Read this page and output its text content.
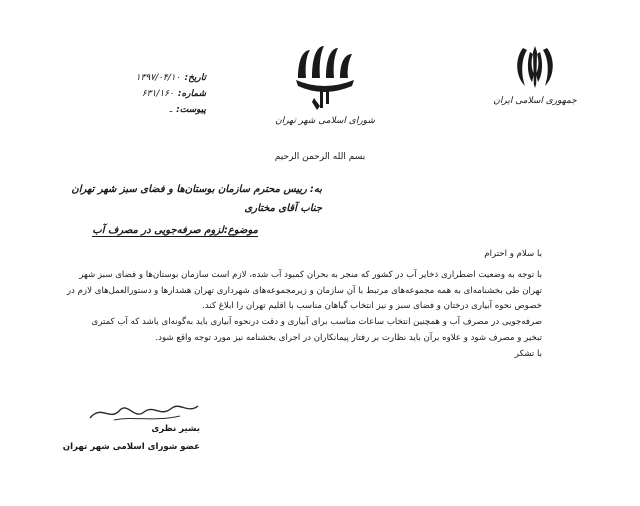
تاریخ:۱۳۹۷/۰۴/۱۰
شماره:۶۳۱/۱۶۰
پیوست:ـ
شورای اسلامی شهر تهران
جمهوری اسلامی ایران
بسم الله الرحمن الرحیم
به:رییس محترم سازمان بوستان‌ها و فضای سبز شهر تهران
جناب آقای مختاری
موضوع:لزوم صرفه‌جویی در مصرف آب

با سلام و احترام

با توجه به وضعیت اضطراری ذخایر آب در کشور که منجر به بحران کمبود آب شده، لازم است سازمان بوستان‌ها و فضای سبز شهر

تهران طی بخشنامه‌ای به همه مجموعه‌های مرتبط با آن سازمان و زیرمجموعه‌های شهرداری تهران هشدارها و دستورالعمل‌های لازم در

خصوص نحوه آبیاری درختان و فضای سبز و نیز انتخاب گیاهان مناسب با اقلیم تهران را ابلاغ کند.

صرفه‌جویی در مصرف آب و همچنین انتخاب ساعات مناسب برای آبیاری و دقت درنحوه آبیاری باید به‌گونه‌ای باشد که آب کمتری

تبخیر و مصرف شود و علاوه برآن باید نظارت بر رفتار پیمانکاران در اجرای بخشنامه نیز مورد توجه واقع شود.

با تشکر

بشیر نظری
عضو شورای اسلامی شهر تهران
